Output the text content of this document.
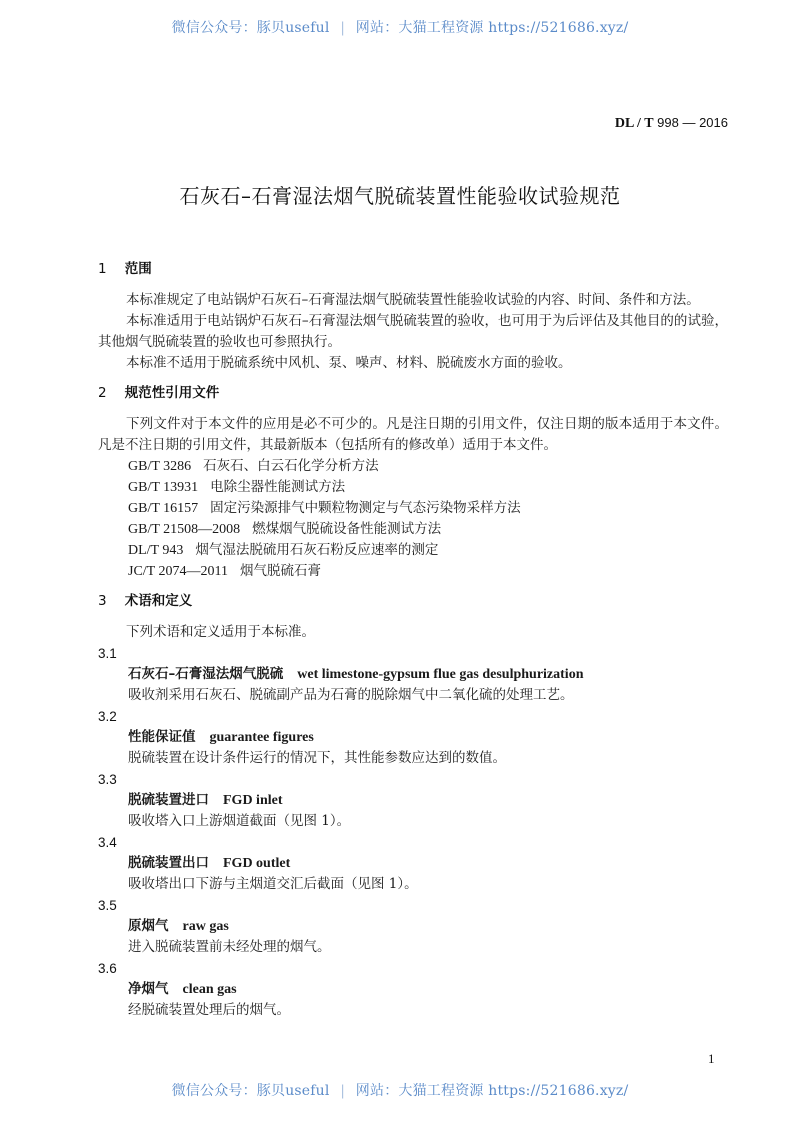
微信公众号：豚贝useful | 网站：大猫工程资源 https://521686.xyz/
DL / T 998 — 2016
石灰石–石膏湿法烟气脱硫装置性能验收试验规范
1 范围
本标准规定了电站锅炉石灰石–石膏湿法烟气脱硫装置性能验收试验的内容、时间、条件和方法。
本标准适用于电站锅炉石灰石–石膏湿法烟气脱硫装置的验收，也可用于为后评估及其他目的的试验，其他烟气脱硫装置的验收也可参照执行。
本标准不适用于脱硫系统中风机、泵、噪声、材料、脱硫废水方面的验收。
2 规范性引用文件
下列文件对于本文件的应用是必不可少的。凡是注日期的引用文件，仅注日期的版本适用于本文件。凡是不注日期的引用文件，其最新版本（包括所有的修改单）适用于本文件。
GB/T 3286 石灰石、白云石化学分析方法
GB/T 13931 电除尘器性能测试方法
GB/T 16157 固定污染源排气中颗粒物测定与气态污染物采样方法
GB/T 21508—2008 燃煤烟气脱硫设备性能测试方法
DL/T 943 烟气湿法脱硫用石灰石粉反应速率的测定
JC/T 2074—2011 烟气脱硫石膏
3 术语和定义
下列术语和定义适用于本标准。
3.1
石灰石–石膏湿法烟气脱硫 wet limestone-gypsum flue gas desulphurization
吸收剂采用石灰石、脱硫副产品为石膏的脱除烟气中二氧化硫的处理工艺。
3.2
性能保证值 guarantee figures
脱硫装置在设计条件运行的情况下，其性能参数应达到的数值。
3.3
脱硫装置进口 FGD inlet
吸收塔入口上游烟道截面（见图 1）。
3.4
脱硫装置出口 FGD outlet
吸收塔出口下游与主烟道交汇后截面（见图 1）。
3.5
原烟气 raw gas
进入脱硫装置前未经处理的烟气。
3.6
净烟气 clean gas
经脱硫装置处理后的烟气。
1
微信公众号：豚贝useful | 网站：大猫工程资源 https://521686.xyz/
